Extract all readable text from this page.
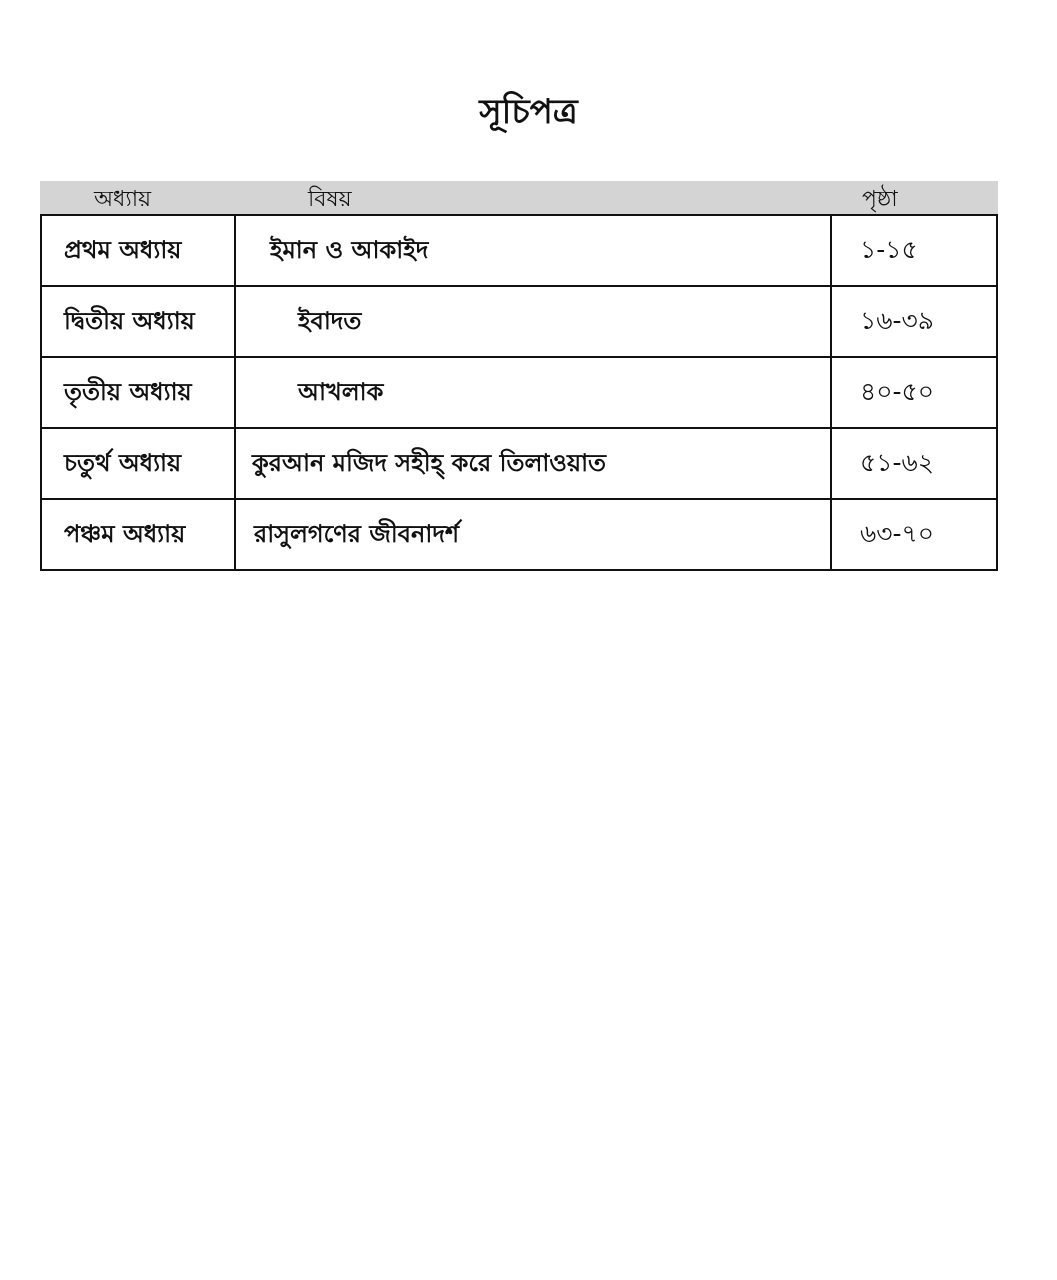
সূচিপত্র
অধ্যায়	বিষয়	পৃষ্ঠা
প্রথম অধ্যায়	ইমান ও আকাইদ	১-১৫
দ্বিতীয় অধ্যায়	ইবাদত	১৬-৩৯
তৃতীয় অধ্যায়	আখলাক	৪০-৫০
চতুর্থ অধ্যায়	কুরআন মজিদ সহীহ্ করে তিলাওয়াত	৫১-৬২
পঞ্চম অধ্যায়	রাসুলগণের জীবনাদর্শ	৬৩-৭০
